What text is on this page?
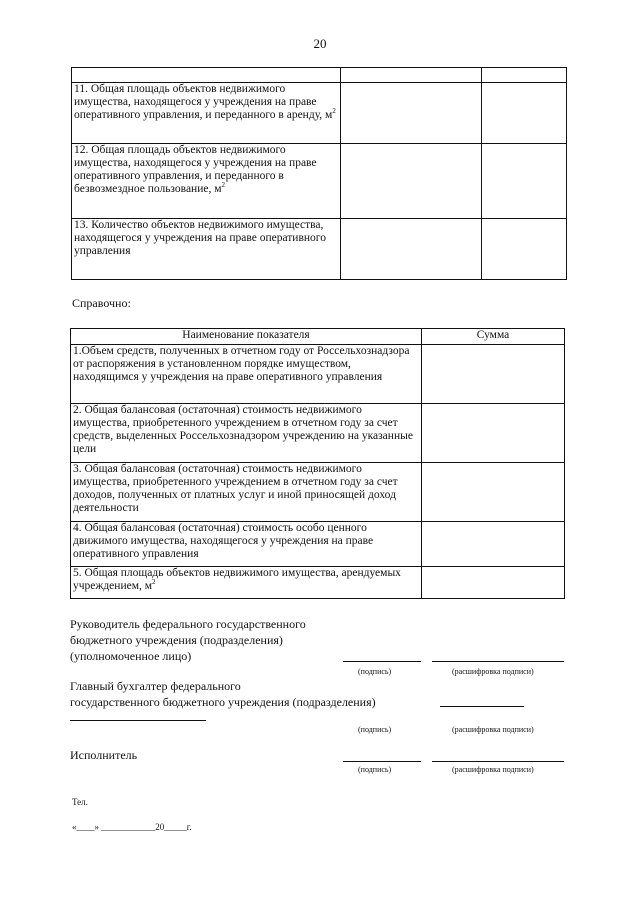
20

11. Общая площадь объектов недвижимого имущества, находящегося у учреждения на праве оперативного управления, и переданного в аренду, $м^2$		
12. Общая площадь объектов недвижимого имущества, находящегося у учреждения на праве оперативного управления, и переданного в безвозмездное пользование, $м^2$		
13. Количество объектов недвижимого имущества, находящегося у учреждения на праве оперативного управления		
Справочно:
Наименование показателя	Сумма
1.Объем средств, полученных в отчетном году от Россельхознадзора от распоряжения в установленном порядке имуществом, находящимся у учреждения на праве оперативного управления	
2. Общая балансовая (остаточная) стоимость недвижимого имущества, приобретенного учреждением в отчетном году за счет средств, выделенных Россельхознадзором учреждению на указанные цели	
3. Общая балансовая (остаточная) стоимость недвижимого имущества, приобретенного учреждением в отчетном году за счет доходов, полученных от платных услуг и иной приносящей доход деятельности	
4. Общая балансовая (остаточная) стоимость особо ценного движимого имущества, находящегося у учреждения на праве оперативного управления	
5. Общая площадь объектов недвижимого имущества, арендуемых учреждением, $м^2$	
Руководитель федерального государственного
бюджетного учреждения (подразделения)
(уполномоченное лицо)
(подпись)	(расшифровка подписи)
Главный бухгалтер федерального
государственного бюджетного учреждения (подразделения)
(подпись)	(расшифровка подписи)
Исполнитель
(подпись)	(расшифровка подписи)
Тел.
«____» ____________20_____г.
